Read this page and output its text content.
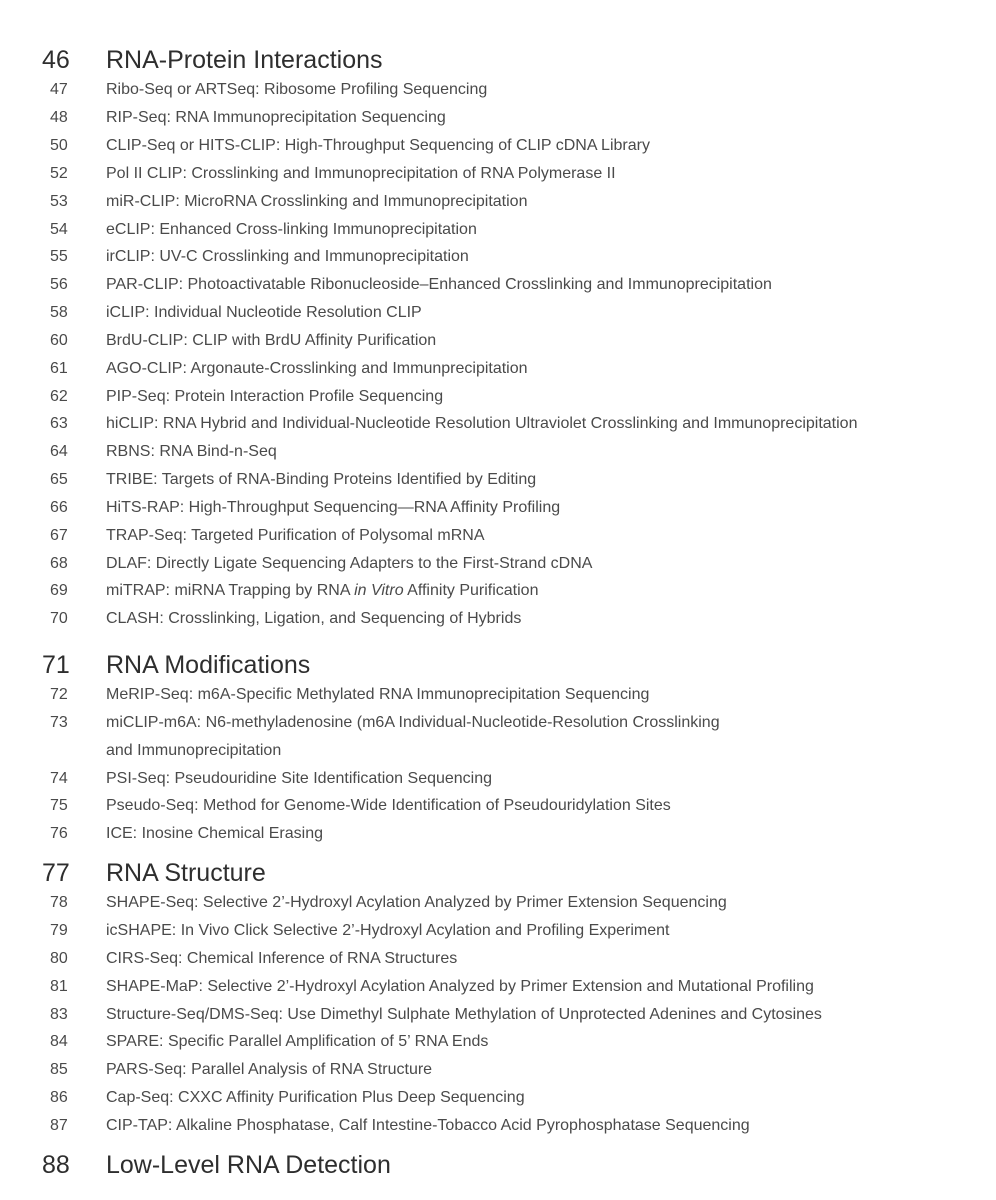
46 RNA-Protein Interactions
47 Ribo-Seq or ARTSeq: Ribosome Profiling Sequencing
48 RIP-Seq: RNA Immunoprecipitation Sequencing
50 CLIP-Seq or HITS-CLIP: High-Throughput Sequencing of CLIP cDNA Library
52 Pol II CLIP: Crosslinking and Immunoprecipitation of RNA Polymerase II
53 miR-CLIP: MicroRNA Crosslinking and Immunoprecipitation
54 eCLIP: Enhanced Cross-linking Immunoprecipitation
55 irCLIP: UV-C Crosslinking and Immunoprecipitation
56 PAR-CLIP: Photoactivatable Ribonucleoside–Enhanced Crosslinking and Immunoprecipitation
58 iCLIP: Individual Nucleotide Resolution CLIP
60 BrdU-CLIP: CLIP with BrdU Affinity Purification
61 AGO-CLIP: Argonaute-Crosslinking and Immunprecipitation
62 PIP-Seq: Protein Interaction Profile Sequencing
63 hiCLIP: RNA Hybrid and Individual-Nucleotide Resolution Ultraviolet Crosslinking and Immunoprecipitation
64 RBNS: RNA Bind-n-Seq
65 TRIBE: Targets of RNA-Binding Proteins Identified by Editing
66 HiTS-RAP: High-Throughput Sequencing—RNA Affinity Profiling
67 TRAP-Seq: Targeted Purification of Polysomal mRNA
68 DLAF: Directly Ligate Sequencing Adapters to the First-Strand cDNA
69 miTRAP: miRNA Trapping by RNA in Vitro Affinity Purification
70 CLASH: Crosslinking, Ligation, and Sequencing of Hybrids
71 RNA Modifications
72 MeRIP-Seq: m6A-Specific Methylated RNA Immunoprecipitation Sequencing
73 miCLIP-m6A: N6-methyladenosine (m6A Individual-Nucleotide-Resolution Crosslinking
and Immunoprecipitation
74 PSI-Seq: Pseudouridine Site Identification Sequencing
75 Pseudo-Seq: Method for Genome-Wide Identification of Pseudouridylation Sites
76 ICE: Inosine Chemical Erasing
77 RNA Structure
78 SHAPE-Seq: Selective 2’-Hydroxyl Acylation Analyzed by Primer Extension Sequencing
79 icSHAPE: In Vivo Click Selective 2’-Hydroxyl Acylation and Profiling Experiment
80 CIRS-Seq: Chemical Inference of RNA Structures
81 SHAPE-MaP: Selective 2’-Hydroxyl Acylation Analyzed by Primer Extension and Mutational Profiling
83 Structure-Seq/DMS-Seq: Use Dimethyl Sulphate Methylation of Unprotected Adenines and Cytosines
84 SPARE: Specific Parallel Amplification of 5’ RNA Ends
85 PARS-Seq: Parallel Analysis of RNA Structure
86 Cap-Seq: CXXC Affinity Purification Plus Deep Sequencing
87 CIP-TAP: Alkaline Phosphatase, Calf Intestine-Tobacco Acid Pyrophosphatase Sequencing
88 Low-Level RNA Detection
